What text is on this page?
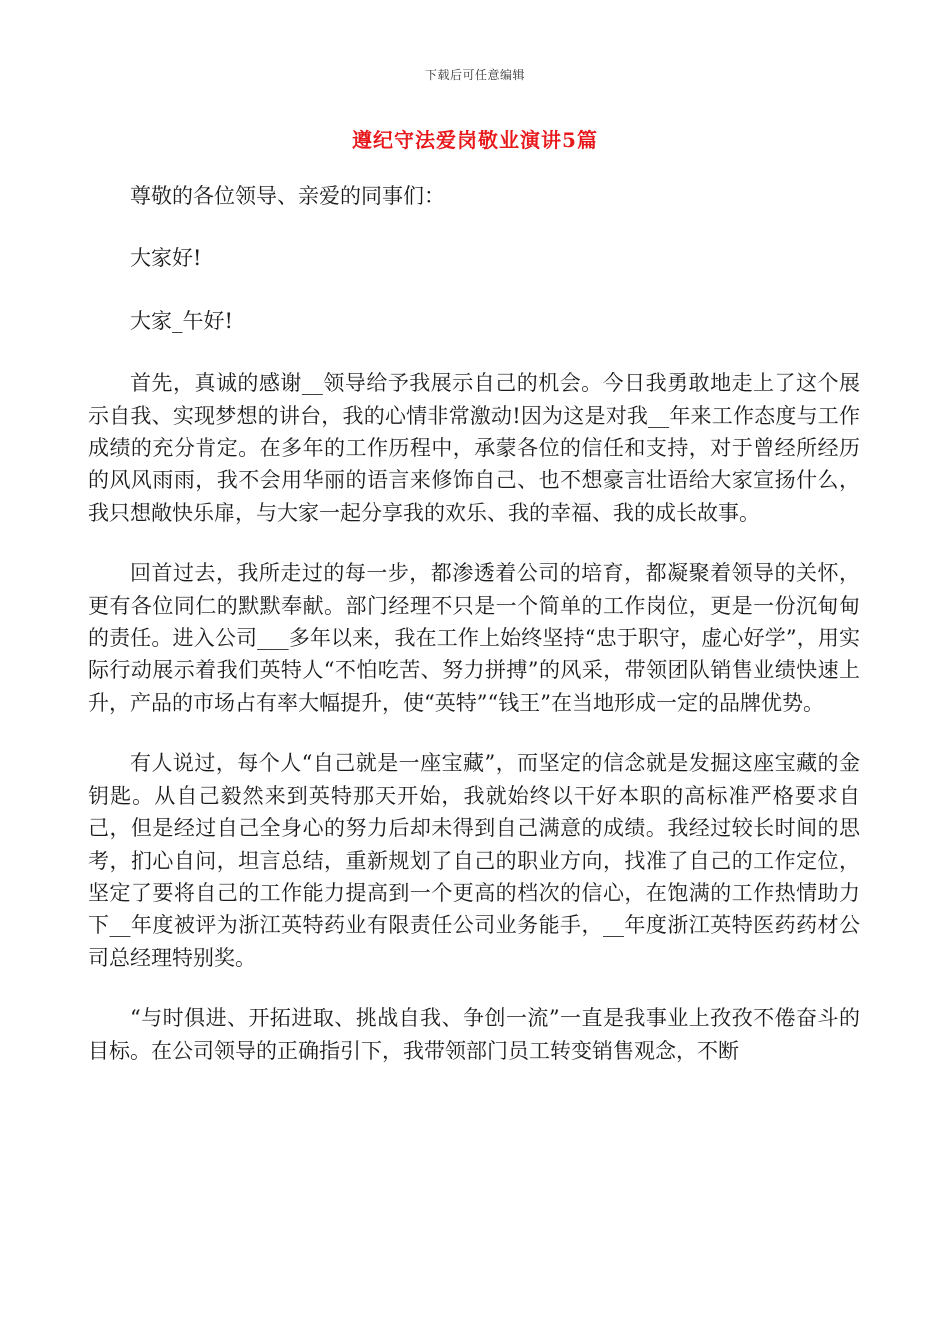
下载后可任意编辑
遵纪守法爱岗敬业演讲5篇

尊敬的各位领导、亲爱的同事们：

大家好!

大家_午好!

首先，真诚的感谢__领导给予我展示自己的机会。今日我勇敢地走上了这个展示自我、实现梦想的讲台，我的心情非常激动!因为这是对我__年来工作态度与工作成绩的充分肯定。在多年的工作历程中，承蒙各位的信任和支持，对于曾经所经历的风风雨雨，我不会用华丽的语言来修饰自己、也不想豪言壮语给大家宣扬什么，我只想敞快乐扉，与大家一起分享我的欢乐、我的幸福、我的成长故事。

回首过去，我所走过的每一步，都渗透着公司的培育，都凝聚着领导的关怀，更有各位同仁的默默奉献。部门经理不只是一个简单的工作岗位，更是一份沉甸甸的责任。进入公司___多年以来，我在工作上始终坚持“忠于职守，虚心好学”，用实际行动展示着我们英特人“不怕吃苦、努力拼搏”的风采，带领团队销售业绩快速上升，产品的市场占有率大幅提升，使“英特”“钱王”在当地形成一定的品牌优势。

有人说过，每个人“自己就是一座宝藏”，而坚定的信念就是发掘这座宝藏的金钥匙。从自己毅然来到英特那天开始，我就始终以干好本职的高标准严格要求自己，但是经过自己全身心的努力后却未得到自己满意的成绩。我经过较长时间的思考，扪心自问，坦言总结，重新规划了自己的职业方向，找准了自己的工作定位，坚定了要将自己的工作能力提高到一个更高的档次的信心，在饱满的工作热情助力下__年度被评为浙江英特药业有限责任公司业务能手，__年度浙江英特医药药材公司总经理特别奖。

“与时俱进、开拓进取、挑战自我、争创一流”一直是我事业上孜孜不倦奋斗的目标。在公司领导的正确指引下，我带领部门员工转变销售观念，不断
